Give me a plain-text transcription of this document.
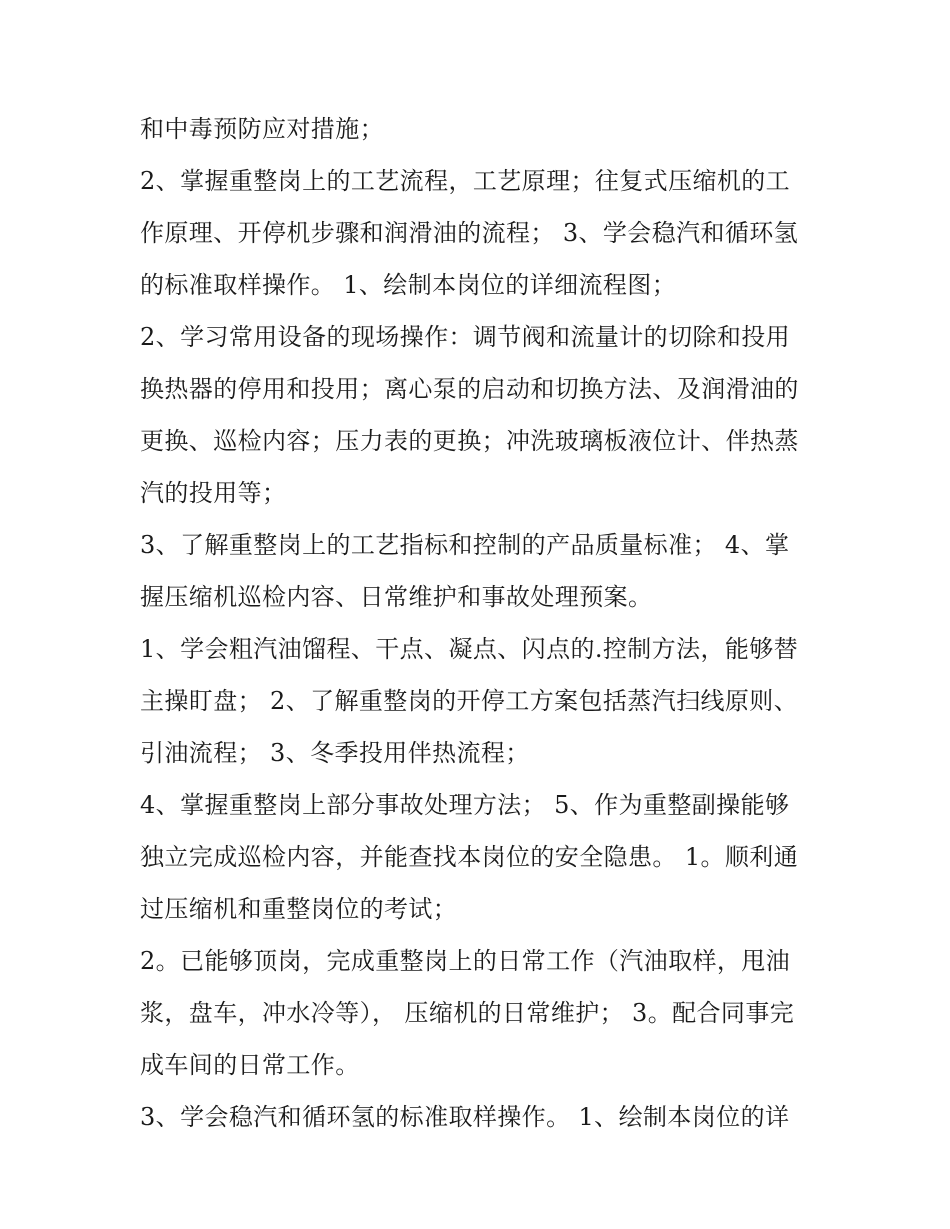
和中毒预防应对措施；

2、掌握重整岗上的工艺流程，工艺原理；往复式压缩机的工

作原理、开停机步骤和润滑油的流程； 3、学会稳汽和循环氢

的标准取样操作。 1、绘制本岗位的详细流程图；

2、学习常用设备的现场操作：调节阀和流量计的切除和投用

换热器的停用和投用；离心泵的启动和切换方法、及润滑油的

更换、巡检内容；压力表的更换；冲洗玻璃板液位计、伴热蒸

汽的投用等；

3、了解重整岗上的工艺指标和控制的产品质量标准； 4、掌

握压缩机巡检内容、日常维护和事故处理预案。

1、学会粗汽油馏程、干点、凝点、闪点的.控制方法，能够替

主操盯盘； 2、了解重整岗的开停工方案包括蒸汽扫线原则、

引油流程； 3、冬季投用伴热流程；

4、掌握重整岗上部分事故处理方法； 5、作为重整副操能够

独立完成巡检内容，并能查找本岗位的安全隐患。 1。顺利通

过压缩机和重整岗位的考试；

2。已能够顶岗，完成重整岗上的日常工作（汽油取样，甩油

浆，盘车，冲水冷等）， 压缩机的日常维护； 3。配合同事完

成车间的日常工作。

3、学会稳汽和循环氢的标准取样操作。 1、绘制本岗位的详
